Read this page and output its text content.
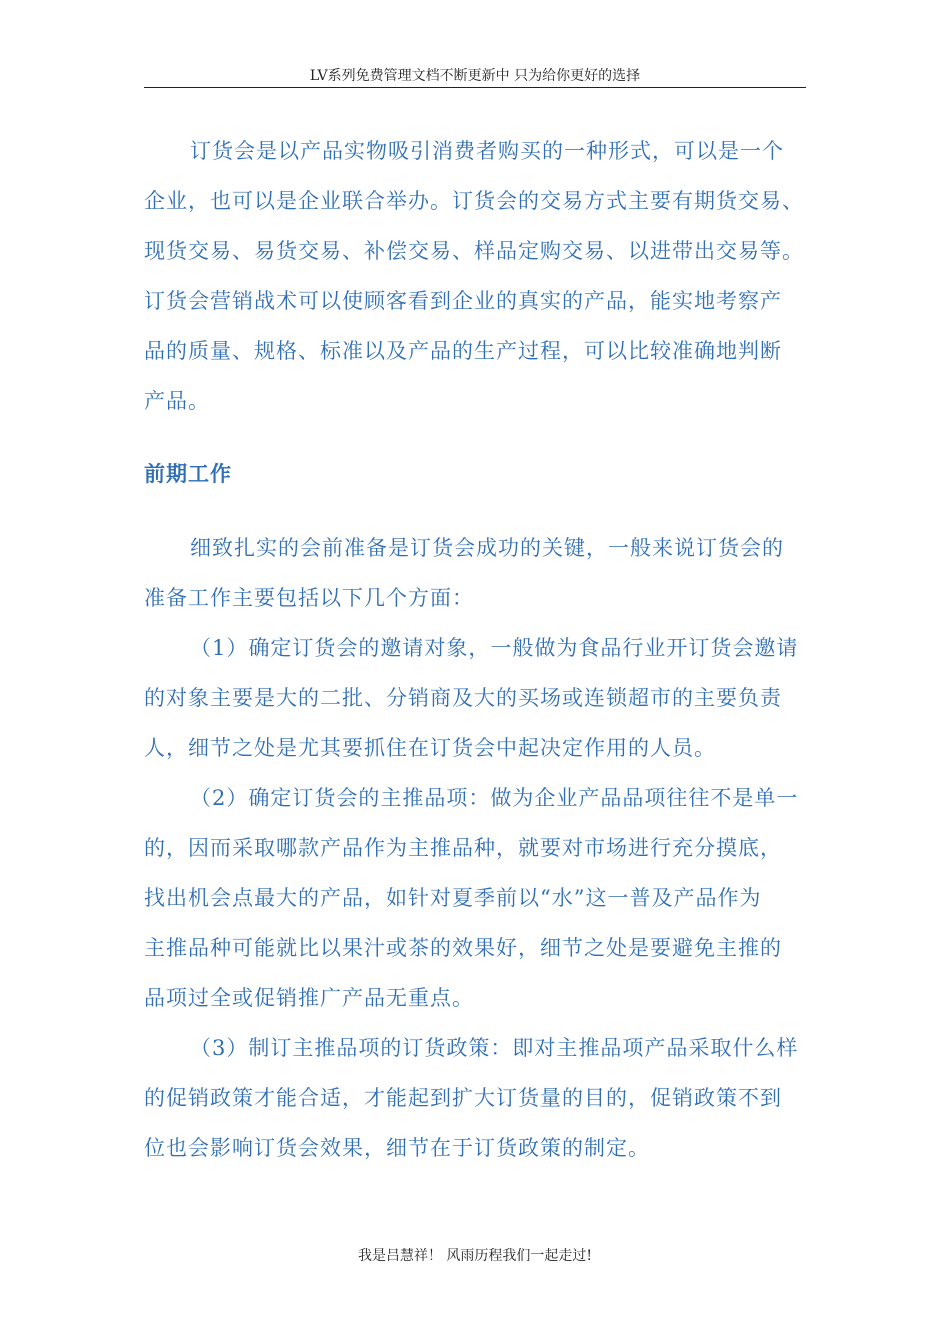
LV系列免费管理文档不断更新中 只为给你更好的选择

订货会是以产品实物吸引消费者购买的一种形式，可以是一个

企业，也可以是企业联合举办。订货会的交易方式主要有期货交易、

现货交易、易货交易、补偿交易、样品定购交易、以进带出交易等。

订货会营销战术可以使顾客看到企业的真实的产品，能实地考察产

品的质量、规格、标准以及产品的生产过程，可以比较准确地判断

产品。

前期工作

细致扎实的会前准备是订货会成功的关键，一般来说订货会的

准备工作主要包括以下几个方面：

（1）确定订货会的邀请对象，一般做为食品行业开订货会邀请

的对象主要是大的二批、分销商及大的买场或连锁超市的主要负责

人，细节之处是尤其要抓住在订货会中起决定作用的人员。

（2）确定订货会的主推品项：做为企业产品品项往往不是单一

的，因而采取哪款产品作为主推品种，就要对市场进行充分摸底，

找出机会点最大的产品，如针对夏季前以“水”这一普及产品作为

主推品种可能就比以果汁或茶的效果好，细节之处是要避免主推的

品项过全或促销推广产品无重点。

（3）制订主推品项的订货政策：即对主推品项产品采取什么样

的促销政策才能合适，才能起到扩大订货量的目的，促销政策不到

位也会影响订货会效果，细节在于订货政策的制定。

我是吕慧祥！ 风雨历程我们一起走过!
